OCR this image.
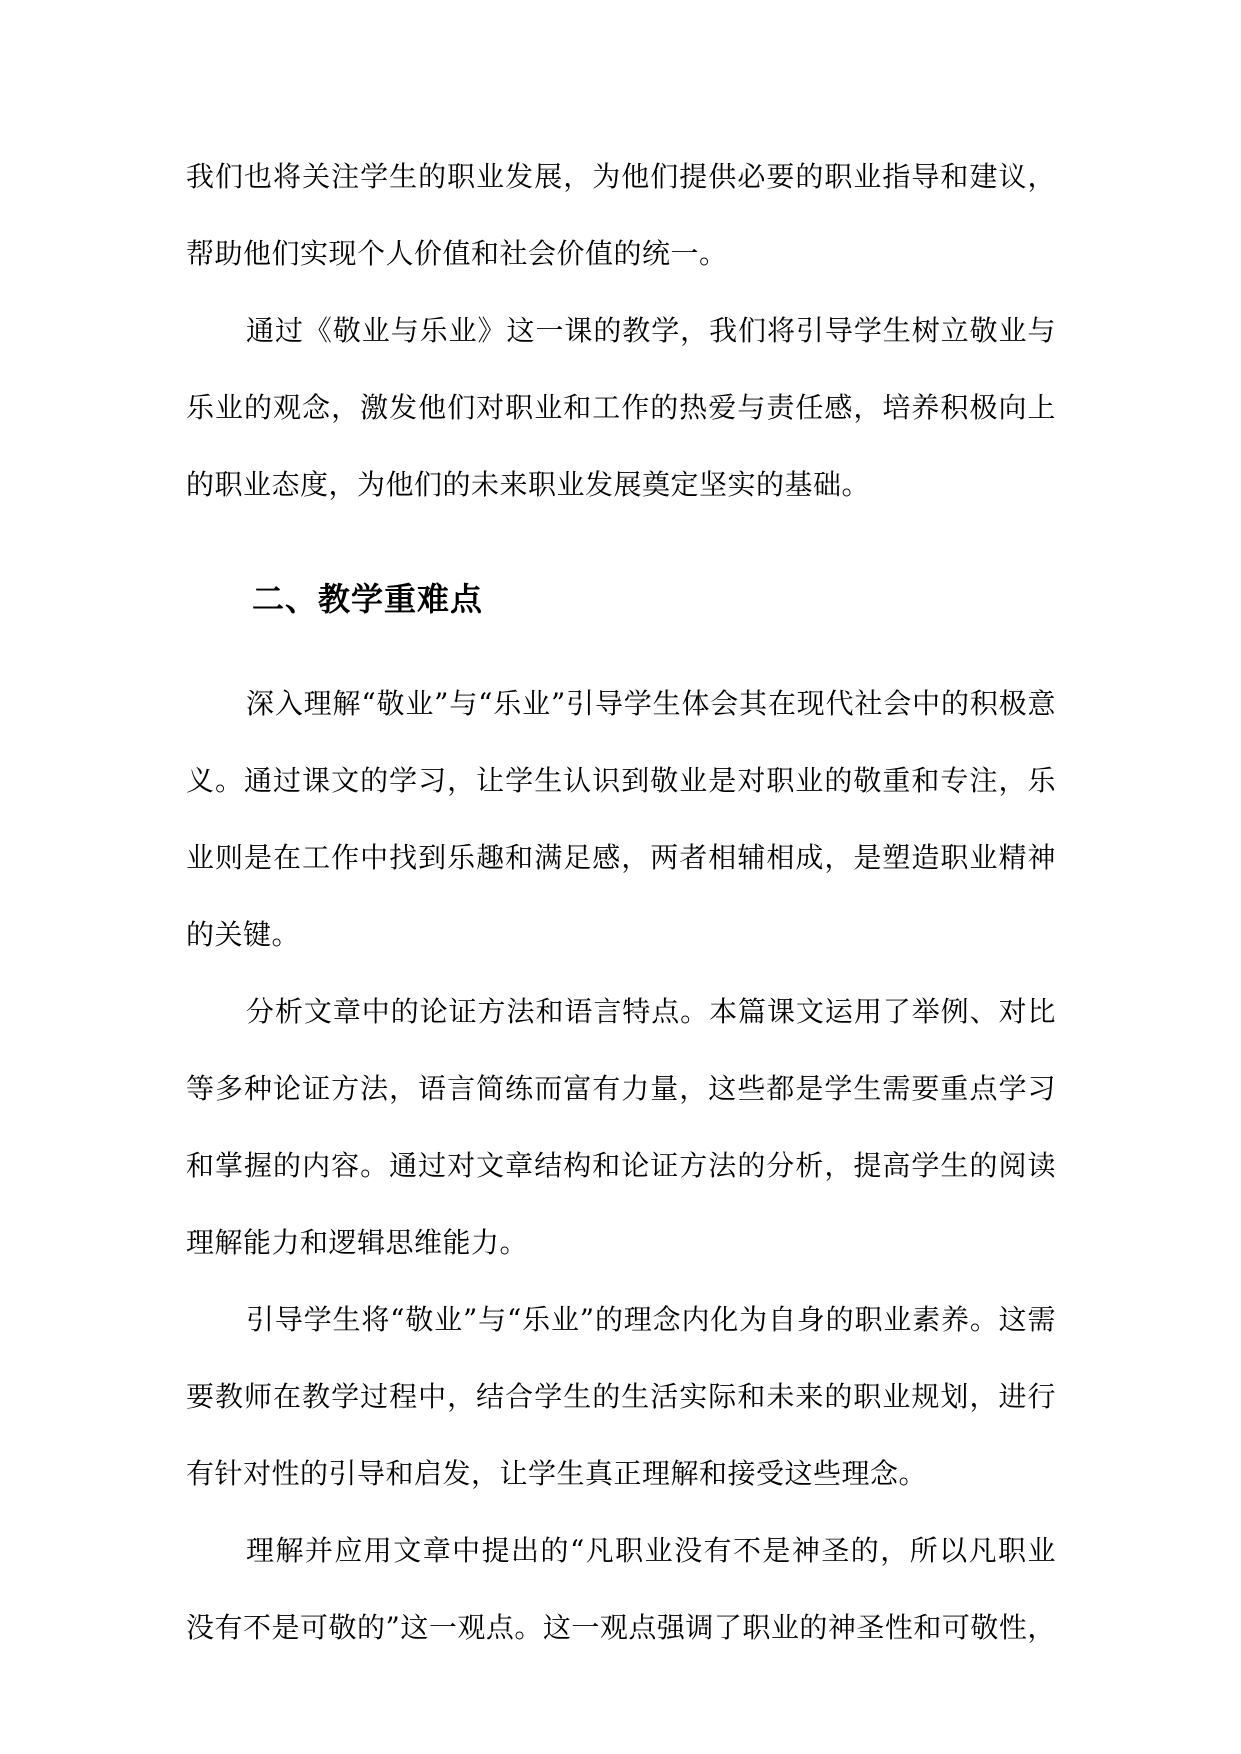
我们也将关注学生的职业发展，为他们提供必要的职业指导和建议，帮助他们实现个人价值和社会价值的统一。

通过《敬业与乐业》这一课的教学，我们将引导学生树立敬业与乐业的观念，激发他们对职业和工作的热爱与责任感，培养积极向上的职业态度，为他们的未来职业发展奠定坚实的基础。

二、教学重难点

深入理解“敬业”与“乐业”引导学生体会其在现代社会中的积极意义。通过课文的学习，让学生认识到敬业是对职业的敬重和专注，乐业则是在工作中找到乐趣和满足感，两者相辅相成，是塑造职业精神的关键。

分析文章中的论证方法和语言特点。本篇课文运用了举例、对比等多种论证方法，语言简练而富有力量，这些都是学生需要重点学习和掌握的内容。通过对文章结构和论证方法的分析，提高学生的阅读理解能力和逻辑思维能力。

引导学生将“敬业”与“乐业”的理念内化为自身的职业素养。这需要教师在教学过程中，结合学生的生活实际和未来的职业规划，进行有针对性的引导和启发，让学生真正理解和接受这些理念。

理解并应用文章中提出的“凡职业没有不是神圣的，所以凡职业没有不是可敬的”这一观点。这一观点强调了职业的神圣性和可敬性，
